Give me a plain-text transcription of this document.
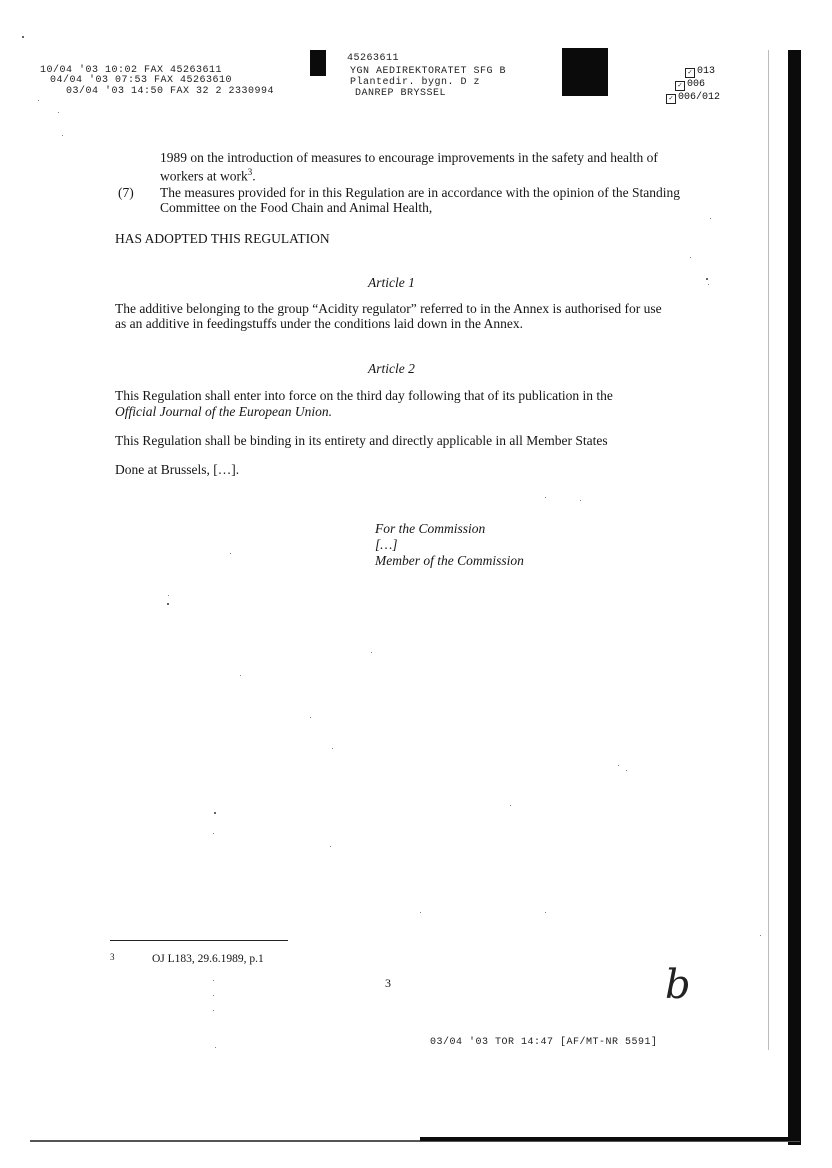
10/04 '03 10:02 FAX 45263611
04/04 '03 07:53 FAX 45263610
03/04 '03 14:50 FAX 32 2 2330994
45263611
YGN AEDIREKTORATET SFG B
Plantedir. bygn. D z
DANREP BRYSSEL
✓ 013
✓ 006
✓ 006/012
1989 on the introduction of measures to encourage improvements in the safety and health of workers at work$^3$.
(7) The measures provided for in this Regulation are in accordance with the opinion of the Standing Committee on the Food Chain and Animal Health,
HAS ADOPTED THIS REGULATION
Article 1
The additive belonging to the group “Acidity regulator” referred to in the Annex is authorised for use as an additive in feedingstuffs under the conditions laid down in the Annex.
Article 2
This Regulation shall enter into force on the third day following that of its publication in the
Official Journal of the European Union.
This Regulation shall be binding in its entirety and directly applicable in all Member States
Done at Brussels, […].
For the Commission
[…]
Member of the Commission
3	OJ L183, 29.6.1989, p.1
3	b
03/04 '03 TOR 14:47 [AF/MT-NR 5591]
